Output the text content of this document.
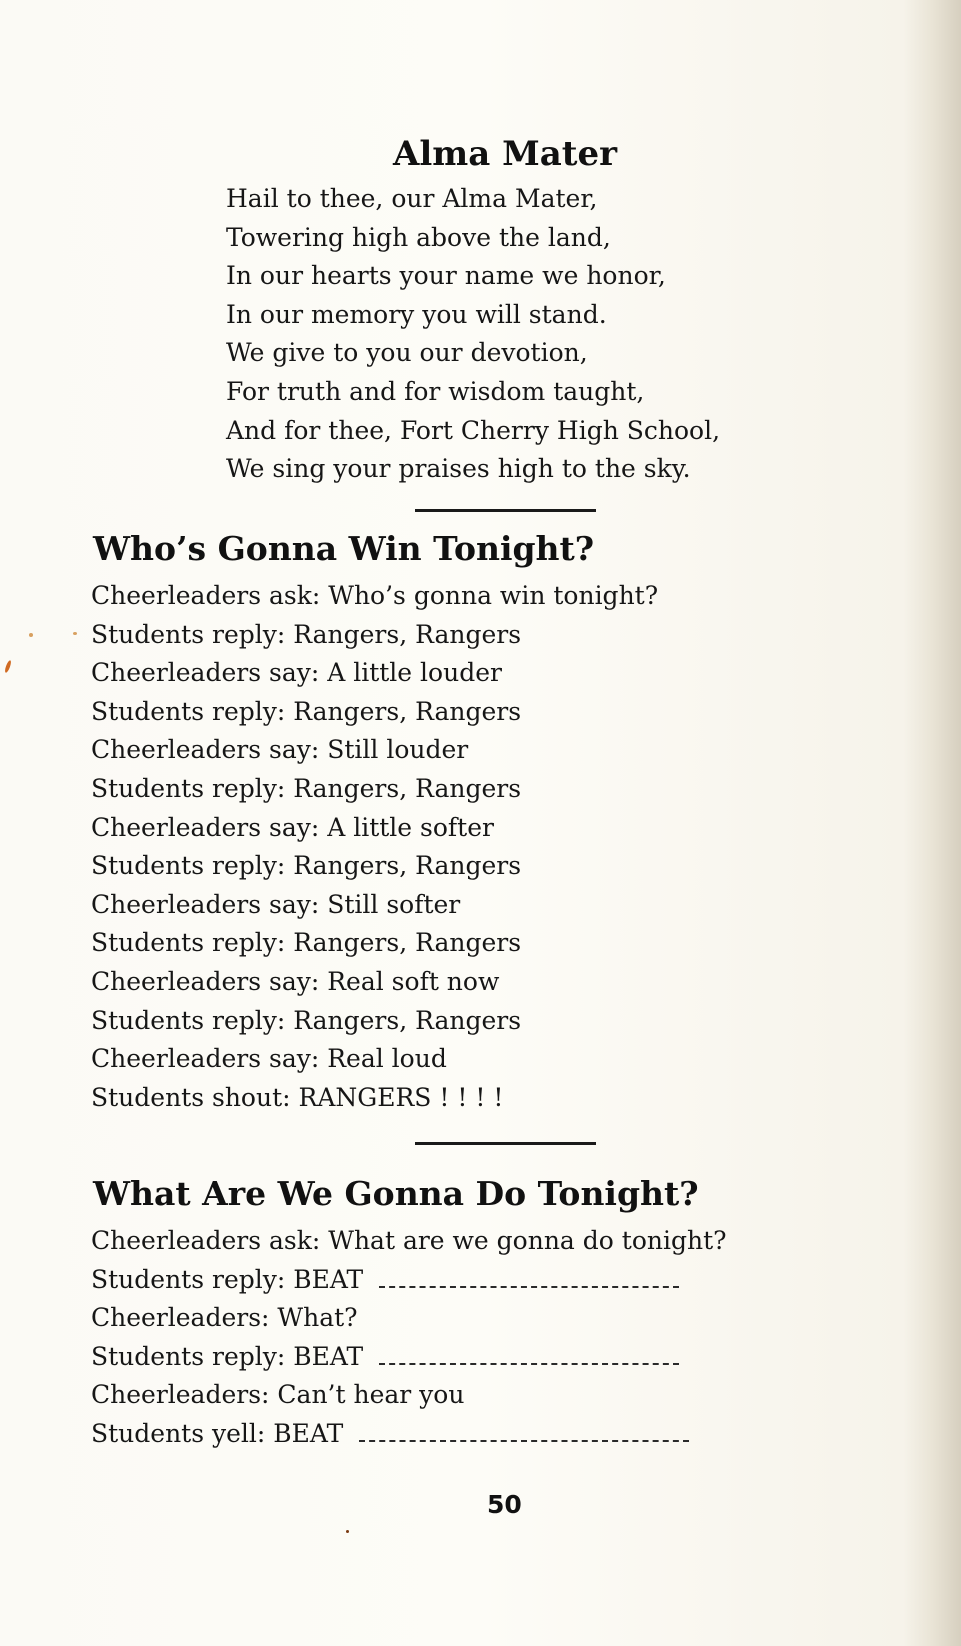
Alma Mater
Hail to thee, our Alma Mater,
Towering high above the land,
In our hearts your name we honor,
In our memory you will stand.
We give to you our devotion,
For truth and for wisdom taught,
And for thee, Fort Cherry High School,
We sing your praises high to the sky.
Who’s Gonna Win Tonight?
Cheerleaders ask: Who’s gonna win tonight?
Students reply: Rangers, Rangers
Cheerleaders say: A little louder
Students reply: Rangers, Rangers
Cheerleaders say: Still louder
Students reply: Rangers, Rangers
Cheerleaders say: A little softer
Students reply: Rangers, Rangers
Cheerleaders say: Still softer
Students reply: Rangers, Rangers
Cheerleaders say: Real soft now
Students reply: Rangers, Rangers
Cheerleaders say: Real loud
Students shout: RANGERS ! ! ! !
What Are We Gonna Do Tonight?
Cheerleaders ask: What are we gonna do tonight?
Students reply: BEAT
Cheerleaders: What?
Students reply: BEAT
Cheerleaders: Can’t hear you
Students yell: BEAT

50
